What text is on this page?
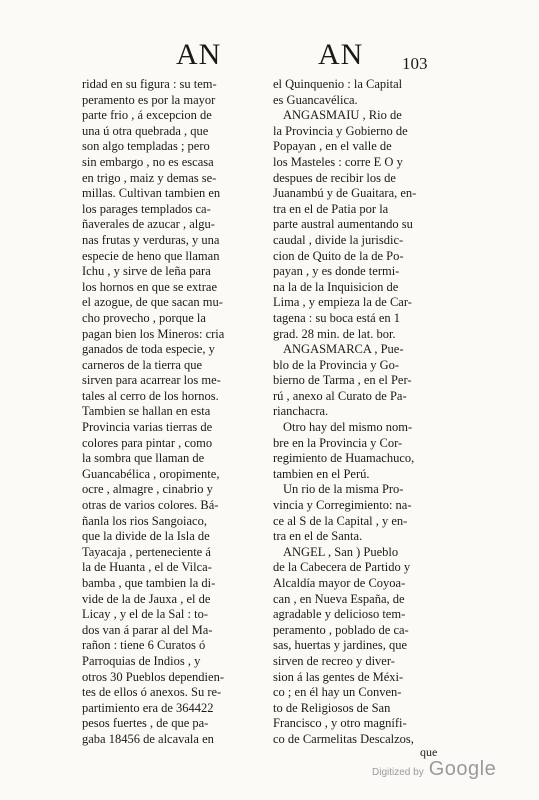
AN	AN 103
ridad en su figura : su tem-
peramento es por la mayor
parte frio , á excepcion de
una ú otra quebrada , que
son algo templadas ; pero
sin embargo , no es escasa
en trigo , maiz y demas se-
millas. Cultivan tambien en
los parages templados ca-
ñaverales de azucar , algu-
nas frutas y verduras, y una
especie de heno que llaman
Ichu , y sirve de leña para
los hornos en que se extrae
el azogue, de que sacan mu-
cho provecho , porque la
pagan bien los Mineros: cria
ganados de toda especie, y
carneros de la tierra que
sirven para acarrear los me-
tales al cerro de los hornos.
Tambien se hallan en esta
Provincia varias tierras de
colores para pintar , como
la sombra que llaman de
Guancabélica , oropimente,
ocre , almagre , cinabrio y
otras de varios colores. Bá-
ñanla los rios Sangoiaco,
que la divide de la Isla de
Tayacaja , perteneciente á
la de Huanta , el de Vilca-
bamba , que tambien la di-
vide de la de Jauxa , el de
Licay , y el de la Sal : to-
dos van á parar al del Ma-
rañon : tiene 6 Curatos ó
Parroquias de Indios , y
otros 30 Pueblos dependien-
tes de ellos ó anexos. Su re-
partimiento era de 364422
pesos fuertes , de que pa-
gaba 18456 de alcavala en
el Quinquenio : la Capital
es Guancavélica.
ANGASMAIU , Rio de
la Provincia y Gobierno de
Popayan , en el valle de
los Masteles : corre E O y
despues de recibir los de
Juanambú y de Guaitara, en-
tra en el de Patia por la
parte austral aumentando su
caudal , divide la jurisdic-
cion de Quito de la de Po-
payan , y es donde termi-
na la de la Inquisicion de
Lima , y empieza la de Car-
tagena : su boca está en 1
grad. 28 min. de lat. bor.
ANGASMARCA , Pue-
blo de la Provincia y Go-
bierno de Tarma , en el Per-
rú , anexo al Curato de Pa-
rianchacra.
Otro hay del mismo nom-
bre en la Provincia y Cor-
regimiento de Huamachuco,
tambien en el Perú.
Un rio de la misma Pro-
vincia y Corregimiento: na-
ce al S de la Capital , y en-
tra en el de Santa.
ANGEL , San ) Pueblo
de la Cabecera de Partido y
Alcaldía mayor de Coyoa-
can , en Nueva España, de
agradable y delicioso tem-
peramento , poblado de ca-
sas, huertas y jardines, que
sirven de recreo y diver-
sion á las gentes de Méxi-
co ; en él hay un Conven-
to de Religiosos de San
Francisco , y otro magnífi-
co de Carmelitas Descalzos,
que
Digitized by Google
